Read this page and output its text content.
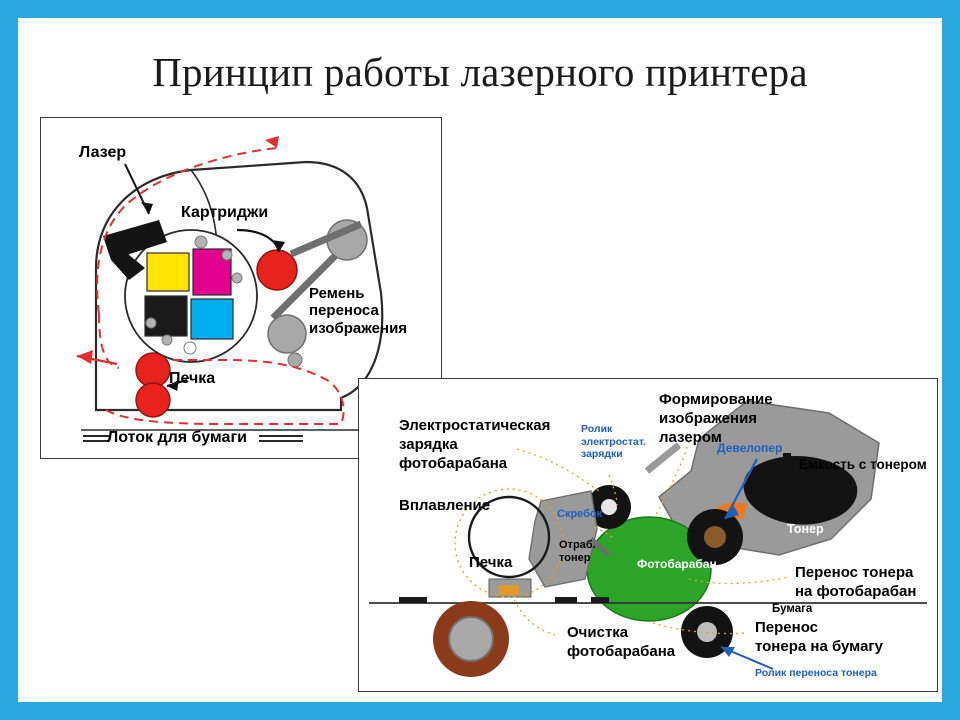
Принцип работы лазерного принтера
Лазер
Картриджи
Ремень
переноса
изображения
Печка
Лоток для бумаги
Электростатическая
зарядка
фотобарабана
Формирование
изображения
лазером
Ролик
электростат.
зарядки	Девелопер
Емкость с тонером
Скребок
Вплавление
Отраб.
тонер
Печка	Фотобарабан
Тонер
Перенос тонера
на фотобарабан
Бумага
Очистка
фотобарабана
Перенос
тонера на бумагу
Ролик переноса тонера
